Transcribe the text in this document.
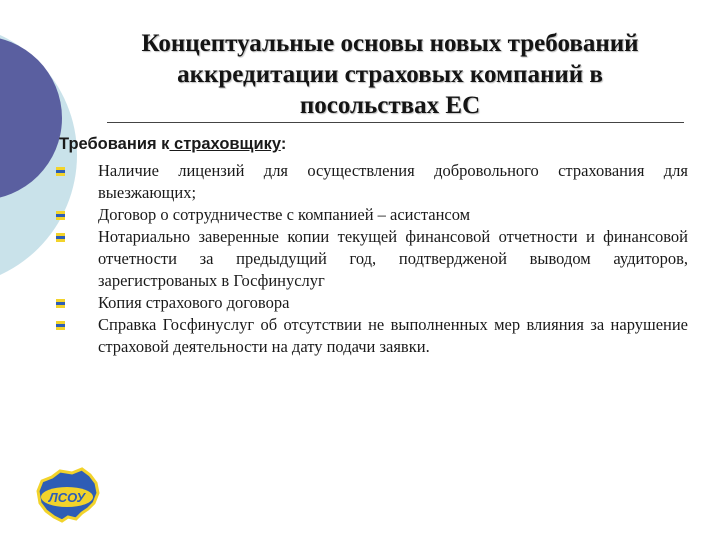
Концептуальные основы новых требований
аккредитации страховых компаний в
посольствах ЕС
Требования к страховщику:
Наличие лицензий для осуществления добровольного страхования для выезжающих;
Договор о сотрудничестве с компанией – асистансом
Нотариально заверенные копии текущей финансовой отчетности и финансовой отчетности за предыдущий год, подтвердженой выводом аудиторов, зарегистрованых в Госфинуслуг
Копия страхового договора
Справка Госфинуслуг об отсутствии не выполненных мер влияния за нарушение страховой деятельности на дату подачи заявки.
ЛСОУ
